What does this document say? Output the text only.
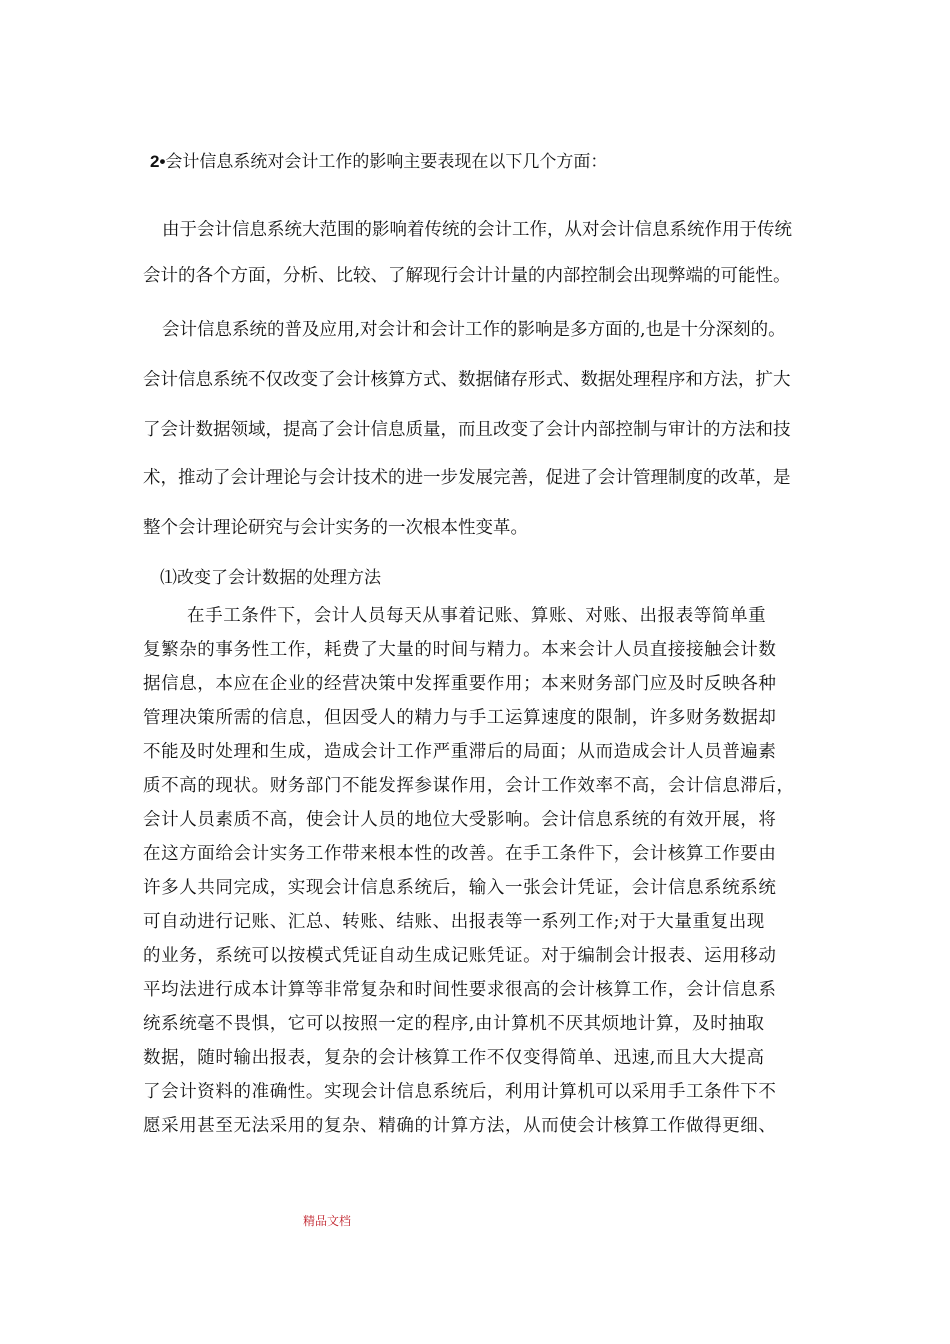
2•会计信息系统对会计工作的影响主要表现在以下几个方面：

由于会计信息系统大范围的影响着传统的会计工作，从对会计信息系统作用于传统

会计的各个方面，分析、比较、了解现行会计计量的内部控制会出现弊端的可能性。

会计信息系统的普及应用,对会计和会计工作的影响是多方面的,也是十分深刻的。

会计信息系统不仅改变了会计核算方式、数据储存形式、数据处理程序和方法，扩大

了会计数据领域，提高了会计信息质量，而且改变了会计内部控制与审计的方法和技

术，推动了会计理论与会计技术的进一步发展完善，促进了会计管理制度的改革，是

整个会计理论研究与会计实务的一次根本性变革。

⑴改变了会计数据的处理方法

在手工条件下，会计人员每天从事着记账、算账、对账、出报表等简单重

复繁杂的事务性工作，耗费了大量的时间与精力。本来会计人员直接接触会计数

据信息，本应在企业的经营决策中发挥重要作用；本来财务部门应及时反映各种

管理决策所需的信息，但因受人的精力与手工运算速度的限制，许多财务数据却

不能及时处理和生成，造成会计工作严重滞后的局面；从而造成会计人员普遍素

质不高的现状。财务部门不能发挥参谋作用，会计工作效率不高，会计信息滞后，

会计人员素质不高，使会计人员的地位大受影响。会计信息系统的有效开展，将

在这方面给会计实务工作带来根本性的改善。在手工条件下，会计核算工作要由

许多人共同完成，实现会计信息系统后，输入一张会计凭证，会计信息系统系统

可自动进行记账、汇总、转账、结账、出报表等一系列工作;对于大量重复出现

的业务，系统可以按模式凭证自动生成记账凭证。对于编制会计报表、运用移动

平均法进行成本计算等非常复杂和时间性要求很高的会计核算工作，会计信息系

统系统毫不畏惧，它可以按照一定的程序,由计算机不厌其烦地计算，及时抽取

数据，随时输出报表，复杂的会计核算工作不仅变得简单、迅速,而且大大提高

了会计资料的准确性。实现会计信息系统后，利用计算机可以采用手工条件下不

愿采用甚至无法采用的复杂、精确的计算方法，从而使会计核算工作做得更细、

精品文档
